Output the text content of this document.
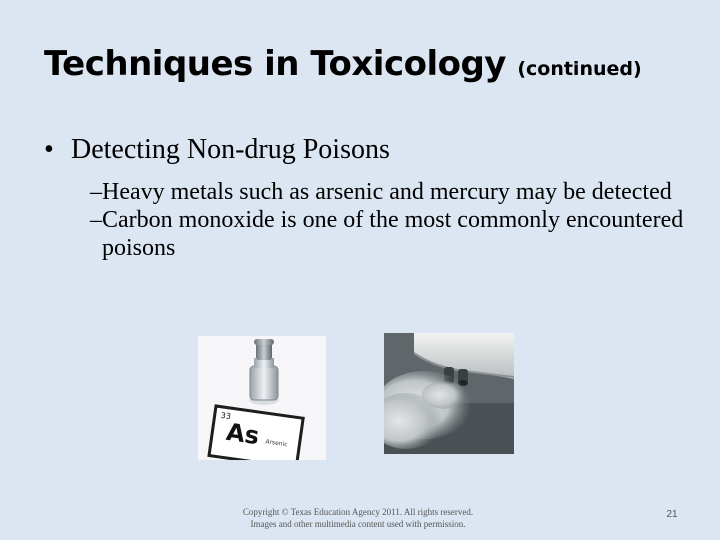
Techniques in Toxicology (continued)
• Detecting Non-drug Poisons
– Heavy metals such as arsenic and mercury may be detected
– Carbon monoxide is one of the most commonly encountered poisons
As
33
Arsenic
Copyright © Texas Education Agency 2011. All rights reserved.
Images and other multimedia content used with permission.
21
